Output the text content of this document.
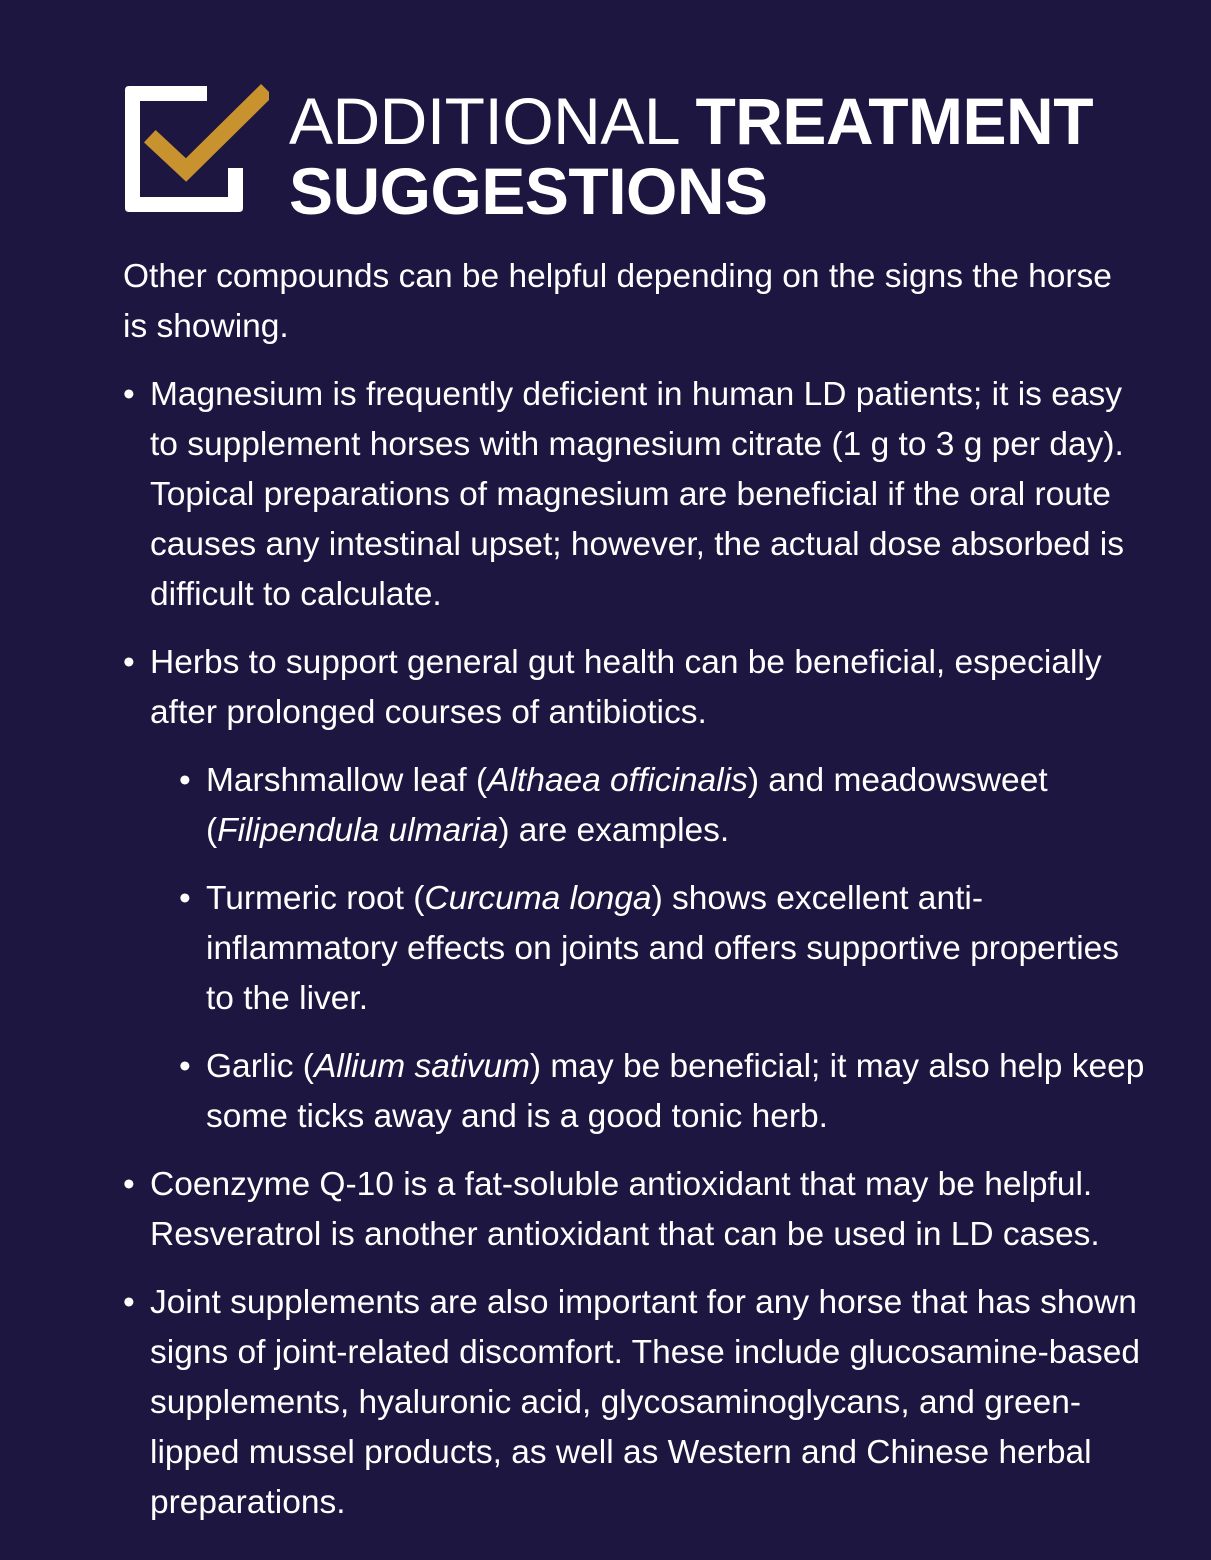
ADDITIONAL TREATMENT
SUGGESTIONS

Other compounds can be helpful depending on the signs the horse is showing.

• Magnesium is frequently deficient in human LD patients; it is easy to supplement horses with magnesium citrate (1 g to 3 g per day). Topical preparations of magnesium are beneficial if the oral route causes any intestinal upset; however, the actual dose absorbed is difficult to calculate.
• Herbs to support general gut health can be beneficial, especially after prolonged courses of antibiotics.
• Marshmallow leaf (Althaea officinalis) and meadowsweet (Filipendula ulmaria) are examples.
• Turmeric root (Curcuma longa) shows excellent anti-inflammatory effects on joints and offers supportive properties to the liver.
• Garlic (Allium sativum) may be beneficial; it may also help keep some ticks away and is a good tonic herb.
• Coenzyme Q-10 is a fat-soluble antioxidant that may be helpful. Resveratrol is another antioxidant that can be used in LD cases.
• Joint supplements are also important for any horse that has shown signs of joint-related discomfort. These include glucosamine-based supplements, hyaluronic acid, glycosaminoglycans, and green-lipped mussel products, as well as Western and Chinese herbal preparations.
